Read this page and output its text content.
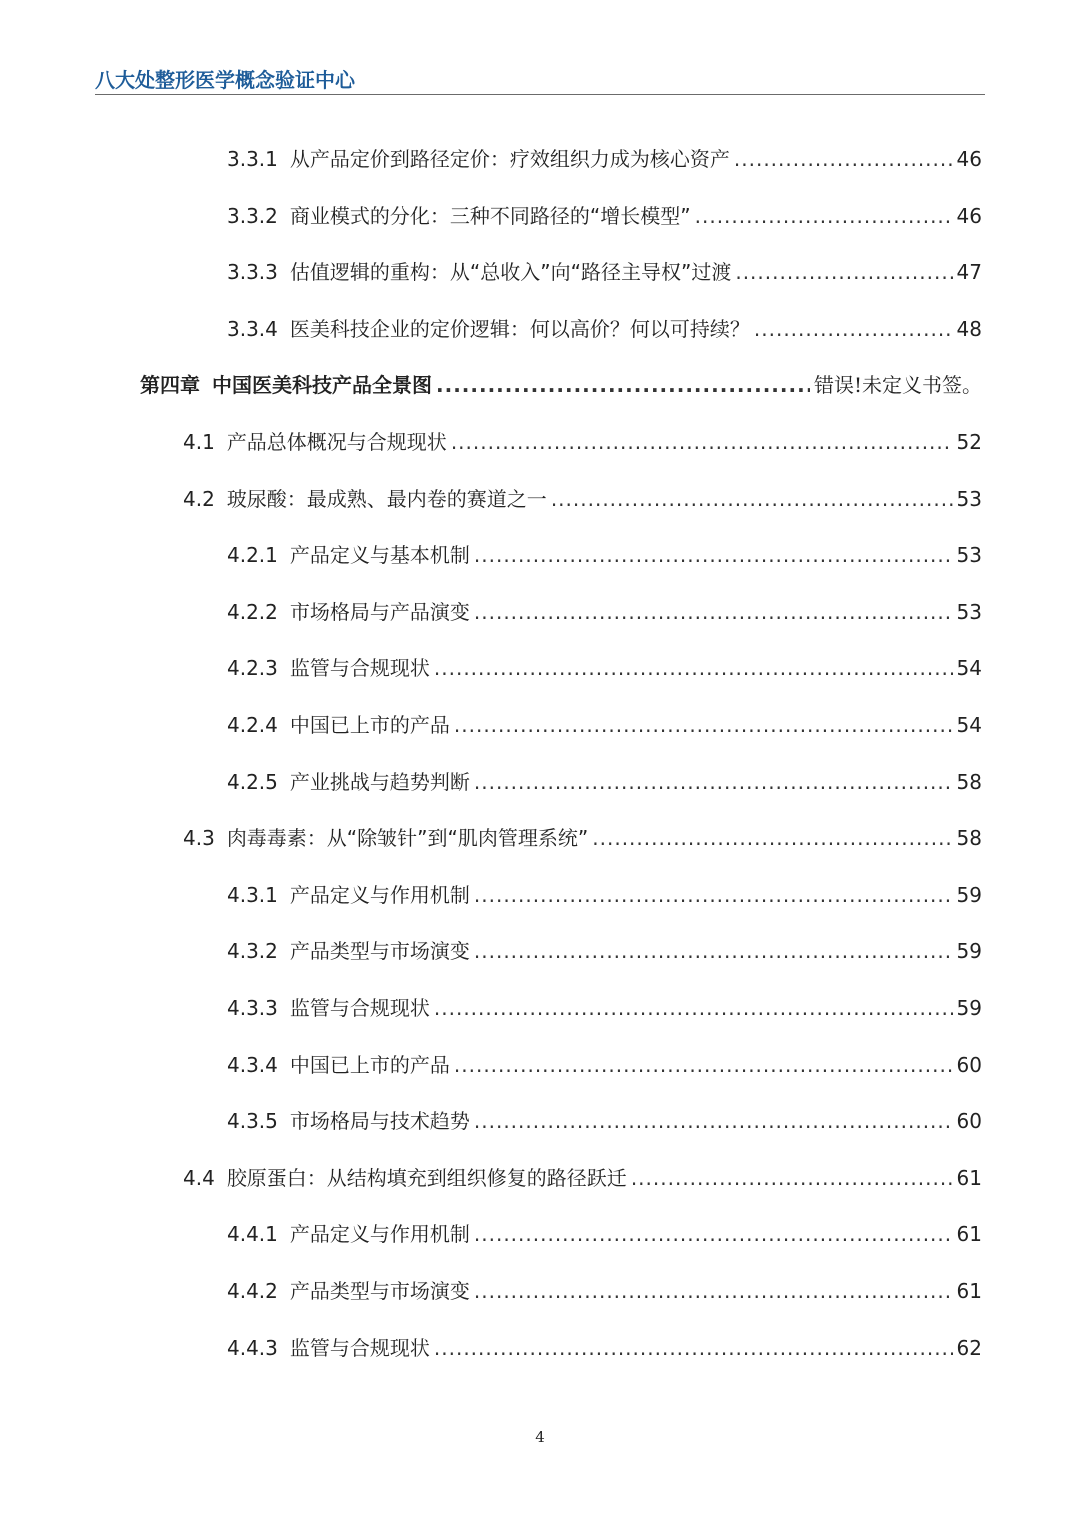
八大处整形医学概念验证中心
3.3.1 从产品定价到路径定价：疗效组织力成为核心资产 .....	46
3.3.2 商业模式的分化：三种不同路径的“增长模型” .....	46
3.3.3 估值逻辑的重构：从“总收入”向“路径主导权”过渡 .....	47
3.3.4 医美科技企业的定价逻辑：何以高价？何以可持续？ .....	48
第四章 中国医美科技产品全景图 .....	错误!未定义书签。
4.1 产品总体概况与合规现状 .....	52
4.2 玻尿酸：最成熟、最内卷的赛道之一 .....	53
4.2.1 产品定义与基本机制 .....	53
4.2.2 市场格局与产品演变 .....	53
4.2.3 监管与合规现状 .....	54
4.2.4 中国已上市的产品 .....	54
4.2.5 产业挑战与趋势判断 .....	58
4.3 肉毒毒素：从“除皱针”到“肌肉管理系统” .....	58
4.3.1 产品定义与作用机制 .....	59
4.3.2 产品类型与市场演变 .....	59
4.3.3 监管与合规现状 .....	59
4.3.4 中国已上市的产品 .....	60
4.3.5 市场格局与技术趋势 .....	60
4.4 胶原蛋白：从结构填充到组织修复的路径跃迁 .....	61
4.4.1 产品定义与作用机制 .....	61
4.4.2 产品类型与市场演变 .....	61
4.4.3 监管与合规现状 .....	62
4
